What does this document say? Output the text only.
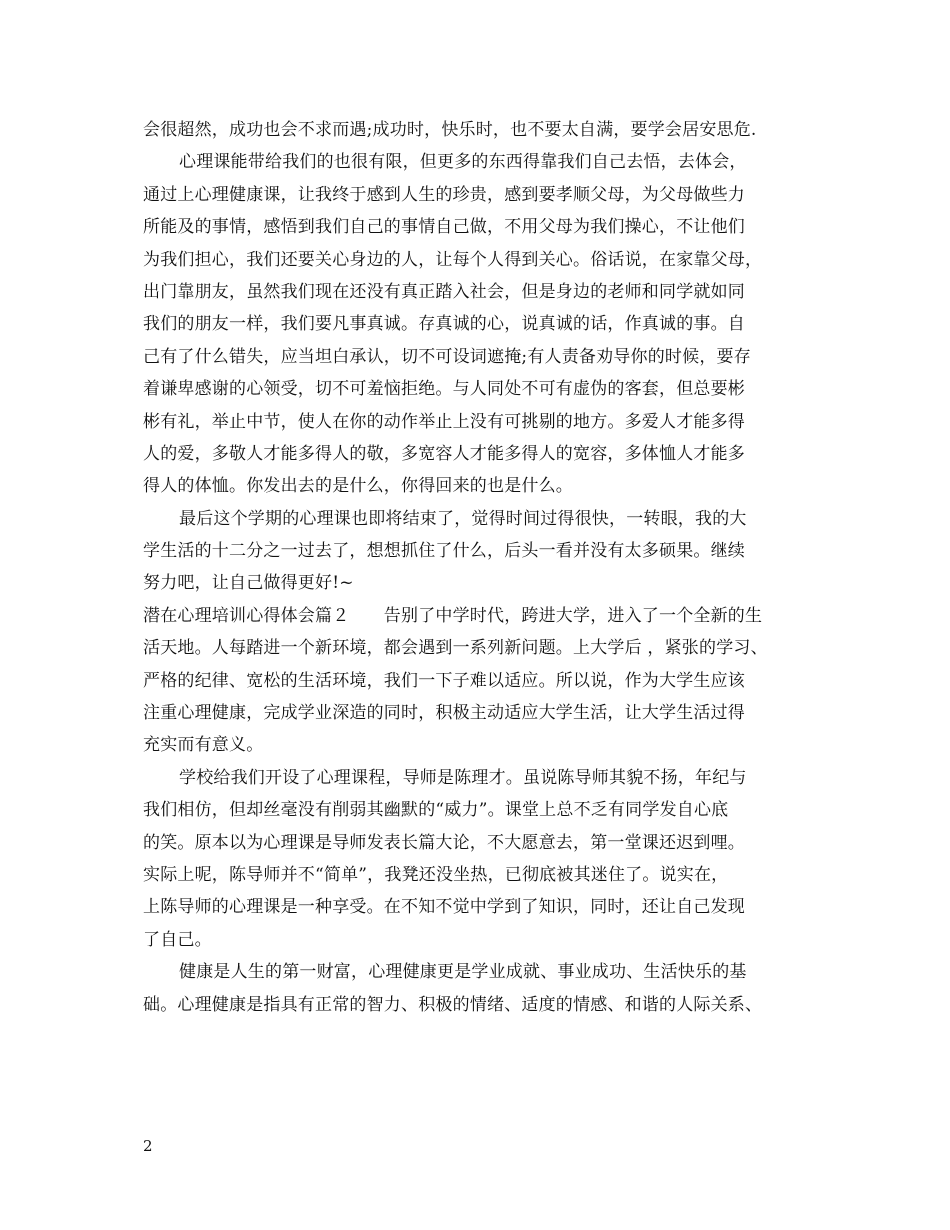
会很超然，成功也会不求而遇;成功时，快乐时，也不要太自满，要学会居安思危.
心理课能带给我们的也很有限，但更多的东西得靠我们自己去悟，去体会，
通过上心理健康课，让我终于感到人生的珍贵，感到要孝顺父母，为父母做些力
所能及的事情，感悟到我们自己的事情自己做，不用父母为我们操心，不让他们
为我们担心，我们还要关心身边的人，让每个人得到关心。俗话说，在家靠父母，
出门靠朋友，虽然我们现在还没有真正踏入社会，但是身边的老师和同学就如同
我们的朋友一样，我们要凡事真诚。存真诚的心，说真诚的话，作真诚的事。自
己有了什么错失，应当坦白承认，切不可设词遮掩;有人责备劝导你的时候，要存
着谦卑感谢的心领受，切不可羞恼拒绝。与人同处不可有虚伪的客套，但总要彬
彬有礼，举止中节，使人在你的动作举止上没有可挑剔的地方。多爱人才能多得
人的爱，多敬人才能多得人的敬，多宽容人才能多得人的宽容，多体恤人才能多
得人的体恤。你发出去的是什么，你得回来的也是什么。
最后这个学期的心理课也即将结束了，觉得时间过得很快，一转眼，我的大
学生活的十二分之一过去了，想想抓住了什么，后头一看并没有太多硕果。继续
努力吧，让自己做得更好!~
潜在心理培训心得体会篇２　　告别了中学时代，跨进大学，进入了一个全新的生
活天地。人每踏进一个新环境，都会遇到一系列新问题。上大学后 ，紧张的学习、
严格的纪律、宽松的生活环境，我们一下子难以适应。所以说，作为大学生应该
注重心理健康，完成学业深造的同时，积极主动适应大学生活，让大学生活过得
充实而有意义。
学校给我们开设了心理课程，导师是陈理才。虽说陈导师其貌不扬，年纪与
我们相仿，但却丝毫没有削弱其幽默的“威力”。课堂上总不乏有同学发自心底
的笑。原本以为心理课是导师发表长篇大论，不大愿意去，第一堂课还迟到哩。
实际上呢，陈导师并不“简单”，我凳还没坐热，已彻底被其迷住了。说实在，
上陈导师的心理课是一种享受。在不知不觉中学到了知识，同时，还让自己发现
了自己。
健康是人生的第一财富，心理健康更是学业成就、事业成功、生活快乐的基
础。心理健康是指具有正常的智力、积极的情绪、适度的情感、和谐的人际关系、
2
